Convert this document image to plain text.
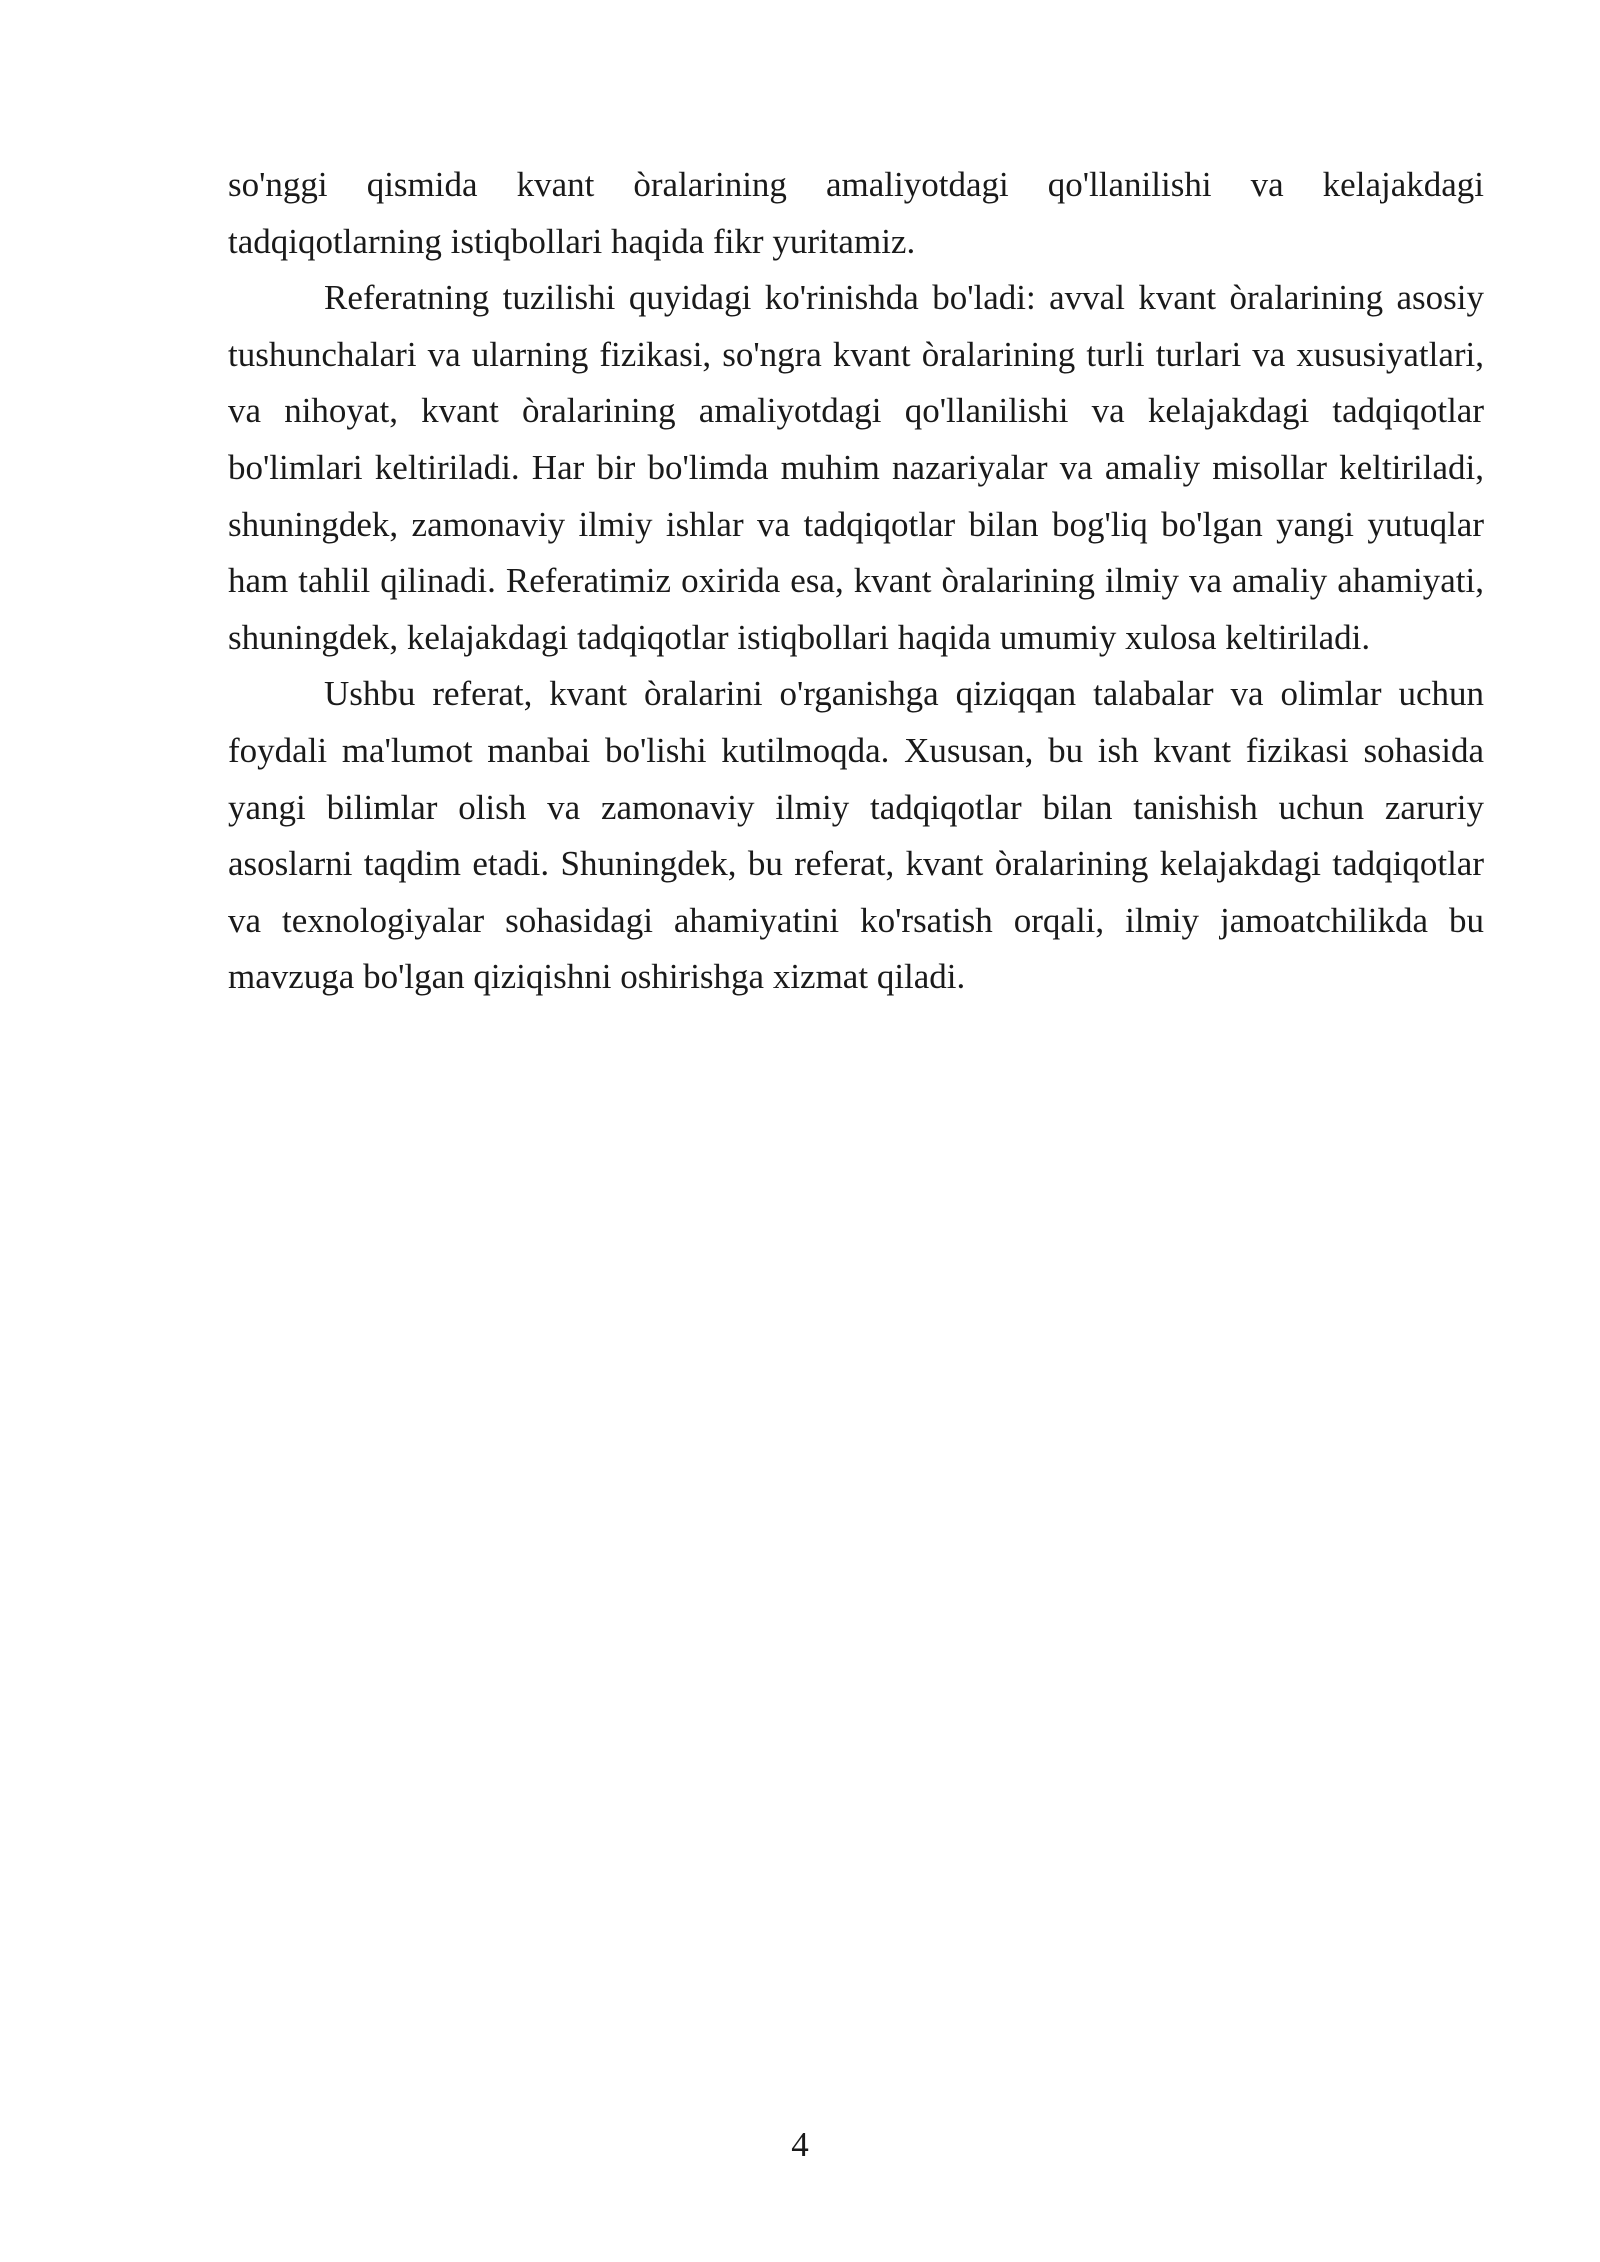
so'nggi qismida kvant òralarining amaliyotdagi qo'llanilishi va kelajakdagi tadqiqotlarning istiqbollari haqida fikr yuritamiz.

Referatning tuzilishi quyidagi ko'rinishda bo'ladi: avval kvant òralarining asosiy tushunchalari va ularning fizikasi, so'ngra kvant òralarining turli turlari va xususiyatlari, va nihoyat, kvant òralarining amaliyotdagi qo'llanilishi va kelajakdagi tadqiqotlar bo'limlari keltiriladi. Har bir bo'limda muhim nazariyalar va amaliy misollar keltiriladi, shuningdek, zamonaviy ilmiy ishlar va tadqiqotlar bilan bog'liq bo'lgan yangi yutuqlar ham tahlil qilinadi. Referatimiz oxirida esa, kvant òralarining ilmiy va amaliy ahamiyati, shuningdek, kelajakdagi tadqiqotlar istiqbollari haqida umumiy xulosa keltiriladi.

Ushbu referat, kvant òralarini o'rganishga qiziqqan talabalar va olimlar uchun foydali ma'lumot manbai bo'lishi kutilmoqda. Xususan, bu ish kvant fizikasi sohasida yangi bilimlar olish va zamonaviy ilmiy tadqiqotlar bilan tanishish uchun zaruriy asoslarni taqdim etadi. Shuningdek, bu referat, kvant òralarining kelajakdagi tadqiqotlar va texnologiyalar sohasidagi ahamiyatini ko'rsatish orqali, ilmiy jamoatchilikda bu mavzuga bo'lgan qiziqishni oshirishga xizmat qiladi.

4
